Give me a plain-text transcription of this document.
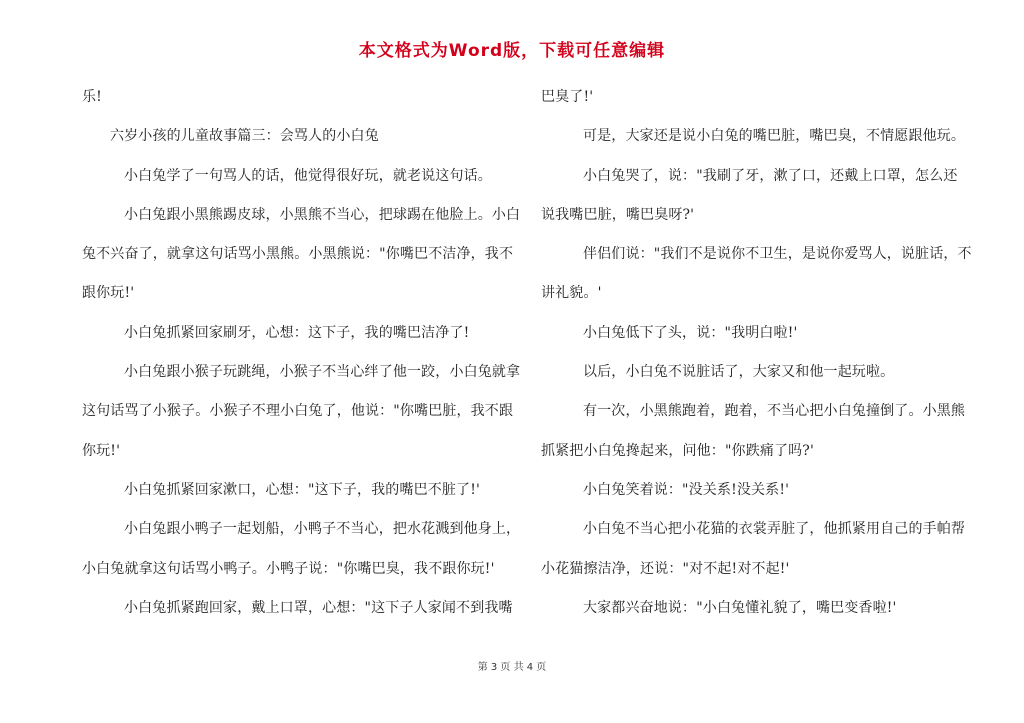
本文格式为Word版，下载可任意编辑
乐!
六岁小孩的儿童故事篇三：会骂人的小白兔
小白兔学了一句骂人的话，他觉得很好玩，就老说这句话。
小白兔跟小黑熊踢皮球，小黑熊不当心，把球踢在他脸上。小白
兔不兴奋了，就拿这句话骂小黑熊。小黑熊说："你嘴巴不洁净，我不
跟你玩!'
小白兔抓紧回家刷牙，心想：这下子，我的嘴巴洁净了!
小白兔跟小猴子玩跳绳，小猴子不当心绊了他一跤，小白兔就拿
这句话骂了小猴子。小猴子不理小白兔了，他说："你嘴巴脏，我不跟
你玩!'
小白兔抓紧回家漱口，心想："这下子，我的嘴巴不脏了!'
小白兔跟小鸭子一起划船，小鸭子不当心，把水花溅到他身上，
小白兔就拿这句话骂小鸭子。小鸭子说："你嘴巴臭，我不跟你玩!'
小白兔抓紧跑回家，戴上口罩，心想："这下子人家闻不到我嘴
巴臭了!'
可是，大家还是说小白兔的嘴巴脏，嘴巴臭，不情愿跟他玩。
小白兔哭了，说："我刷了牙，漱了口，还戴上口罩，怎么还
说我嘴巴脏，嘴巴臭呀?'
伴侣们说："我们不是说你不卫生，是说你爱骂人，说脏话，不
讲礼貌。'
小白兔低下了头，说："我明白啦!'
以后，小白兔不说脏话了，大家又和他一起玩啦。
有一次，小黑熊跑着，跑着，不当心把小白兔撞倒了。小黑熊
抓紧把小白兔搀起来，问他："你跌痛了吗?'
小白兔笑着说："没关系!没关系!'
小白兔不当心把小花猫的衣裳弄脏了，他抓紧用自己的手帕帮
小花猫擦洁净，还说："对不起!对不起!'
大家都兴奋地说："小白兔懂礼貌了，嘴巴变香啦!'
第 3 页 共 4 页
